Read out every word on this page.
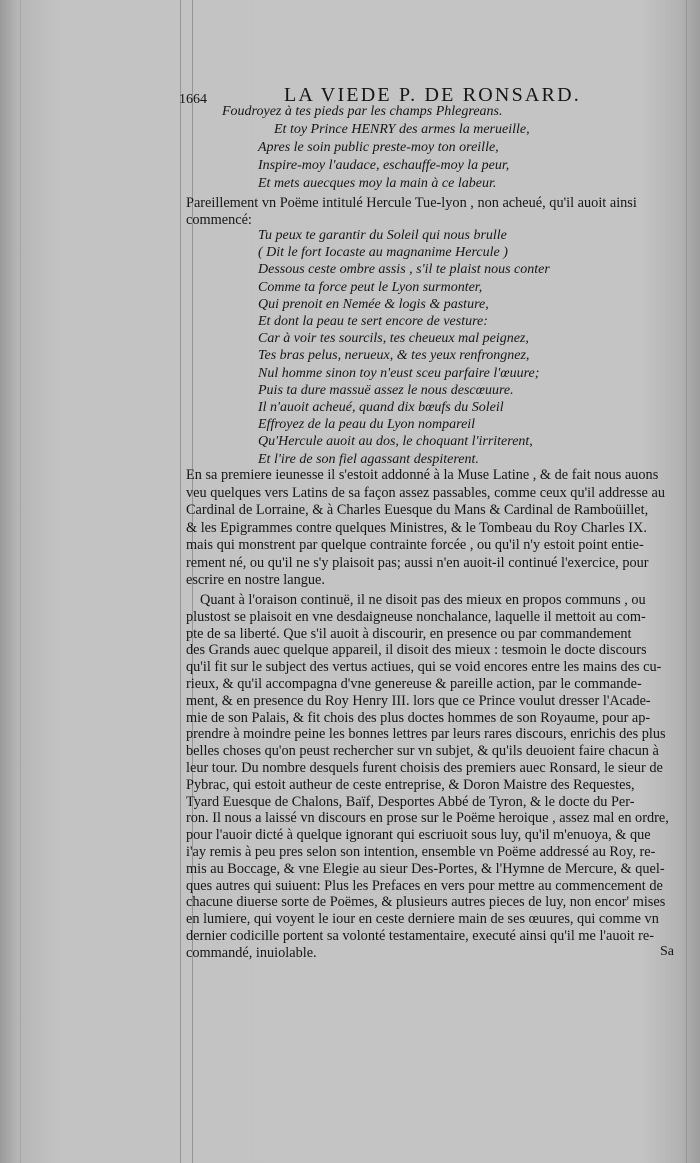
1664	LA VIEDE P. DE RONSARD.
Foudroyez à tes pieds par les champs Phlegreans.
Et toy Prince HENRY des armes la merueille,
Apres le soin public preste-moy ton oreille,
Inspire-moy l'audace, eschauffe-moy la peur,
Et mets auecques moy la main à ce labeur.
Pareillement vn Poëme intitulé Hercule Tue-lyon , non acheué, qu'il auoit ainsi
commencé:
Tu peux te garantir du Soleil qui nous brulle
( Dit le fort Iocaste au magnanime Hercule )
Dessous ceste ombre assis , s'il te plaist nous conter
Comme ta force peut le Lyon surmonter,
Qui prenoit en Nemée & logis & pasture,
Et dont la peau te sert encore de vesture:
Car à voir tes sourcils, tes cheueux mal peignez,
Tes bras pelus, nerueux, & tes yeux renfrongnez,
Nul homme sinon toy n'eust sceu parfaire l'œuure;
Puis ta dure massuë assez le nous descœuure.
Il n'auoit acheué, quand dix bœufs du Soleil
Effroyez de la peau du Lyon nompareil
Qu'Hercule auoit au dos, le choquant l'irriterent,
Et l'ire de son fiel agassant despiterent.
En sa premiere ieunesse il s'estoit addonné à la Muse Latine , & de fait nous auons
veu quelques vers Latins de sa façon assez passables, comme ceux qu'il addresse au
Cardinal de Lorraine, & à Charles Euesque du Mans & Cardinal de Ramboüillet,
& les Epigrammes contre quelques Ministres, & le Tombeau du Roy Charles IX.
mais qui monstrent par quelque contrainte forcée , ou qu'il n'y estoit point entie-
rement né, ou qu'il ne s'y plaisoit pas; aussi n'en auoit-il continué l'exercice, pour
escrire en nostre langue.
Quant à l'oraison continuë, il ne disoit pas des mieux en propos communs , ou
plustost se plaisoit en vne desdaigneuse nonchalance, laquelle il mettoit au com-
pte de sa liberté. Que s'il auoit à discourir, en presence ou par commandement
des Grands auec quelque appareil, il disoit des mieux : tesmoin le docte discours
qu'il fit sur le subject des vertus actiues, qui se void encores entre les mains des cu-
rieux, & qu'il accompagna d'vne genereuse & pareille action, par le commande-
ment, & en presence du Roy Henry III. lors que ce Prince voulut dresser l'Acade-
mie de son Palais, & fit chois des plus doctes hommes de son Royaume, pour ap-
prendre à moindre peine les bonnes lettres par leurs rares discours, enrichis des plus
belles choses qu'on peust rechercher sur vn subjet, & qu'ils deuoient faire chacun à
leur tour. Du nombre desquels furent choisis des premiers auec Ronsard, le sieur de
Pybrac, qui estoit autheur de ceste entreprise, & Doron Maistre des Requestes,
Tyard Euesque de Chalons, Baïf, Desportes Abbé de Tyron, & le docte du Per-
ron. Il nous a laissé vn discours en prose sur le Poëme heroique , assez mal en ordre,
pour l'auoir dicté à quelque ignorant qui escriuoit sous luy, qu'il m'enuoya, & que
i'ay remis à peu pres selon son intention, ensemble vn Poëme addressé au Roy, re-
mis au Boccage, & vne Elegie au sieur Des-Portes, & l'Hymne de Mercure, & quel-
ques autres qui suiuent: Plus les Prefaces en vers pour mettre au commencement de
chacune diuerse sorte de Poëmes, & plusieurs autres pieces de luy, non encor' mises
en lumiere, qui voyent le iour en ceste derniere main de ses œuures, qui comme vn
dernier codicille portent sa volonté testamentaire, executé ainsi qu'il me l'auoit re-
commandé, inuiolable.	Sa
